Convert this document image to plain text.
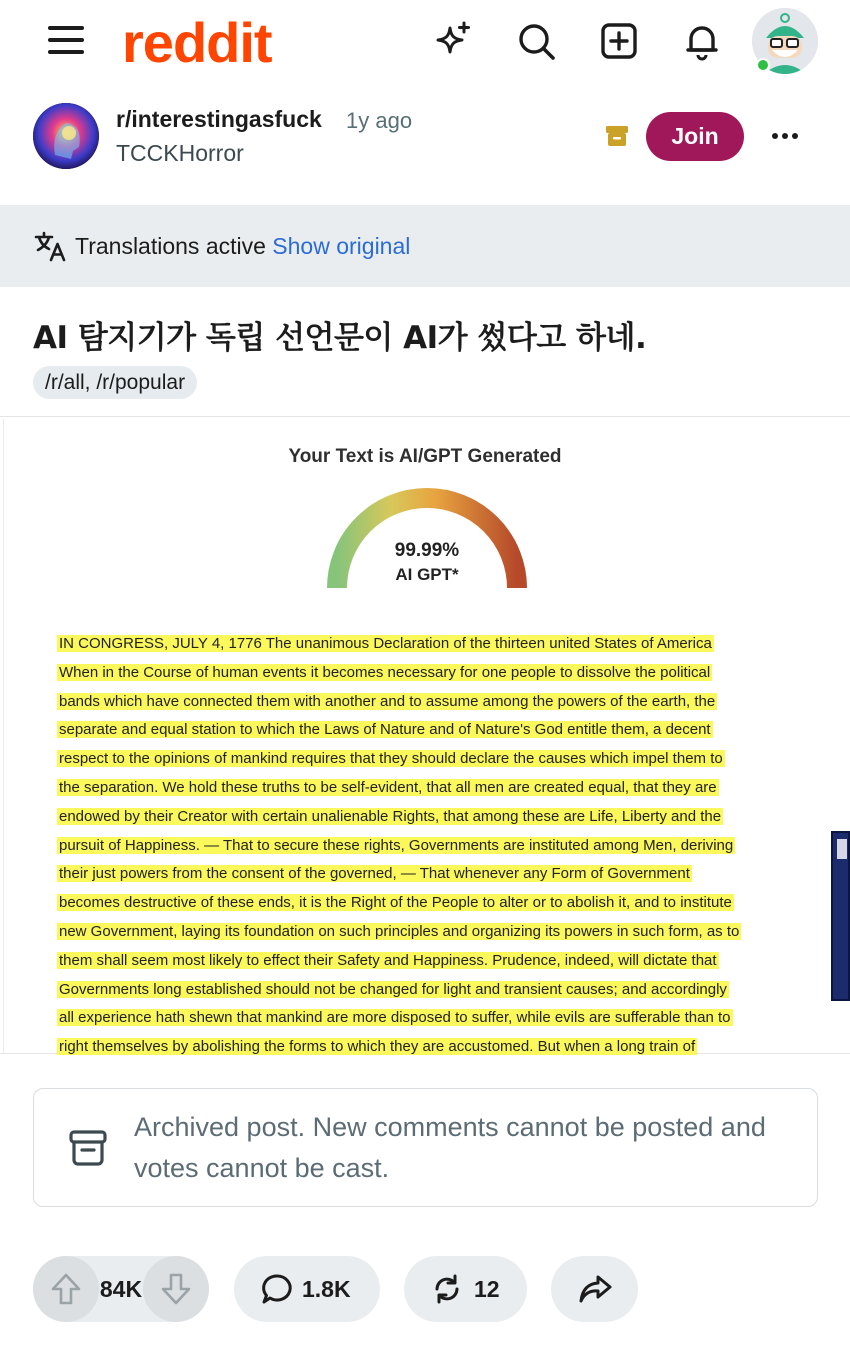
reddit
r/interestingasfuck 1y ago
TCCKHorror
Join
Translations active Show original
AI 탐지기가 독립 선언문이 AI가 썼다고 하네.
/r/all, /r/popular
Your Text is AI/GPT Generated
99.99%
AI GPT*
IN CONGRESS, JULY 4, 1776 The unanimous Declaration of the thirteen united States of America
When in the Course of human events it becomes necessary for one people to dissolve the political
bands which have connected them with another and to assume among the powers of the earth, the
separate and equal station to which the Laws of Nature and of Nature's God entitle them, a decent
respect to the opinions of mankind requires that they should declare the causes which impel them to
the separation. We hold these truths to be self-evident, that all men are created equal, that they are
endowed by their Creator with certain unalienable Rights, that among these are Life, Liberty and the
pursuit of Happiness. — That to secure these rights, Governments are instituted among Men, deriving
their just powers from the consent of the governed, — That whenever any Form of Government
becomes destructive of these ends, it is the Right of the People to alter or to abolish it, and to institute
new Government, laying its foundation on such principles and organizing its powers in such form, as to
them shall seem most likely to effect their Safety and Happiness. Prudence, indeed, will dictate that
Governments long established should not be changed for light and transient causes; and accordingly
all experience hath shewn that mankind are more disposed to suffer, while evils are sufferable than to
right themselves by abolishing the forms to which they are accustomed. But when a long train of
Archived post. New comments cannot be posted and votes cannot be cast.
84K	1.8K	12
